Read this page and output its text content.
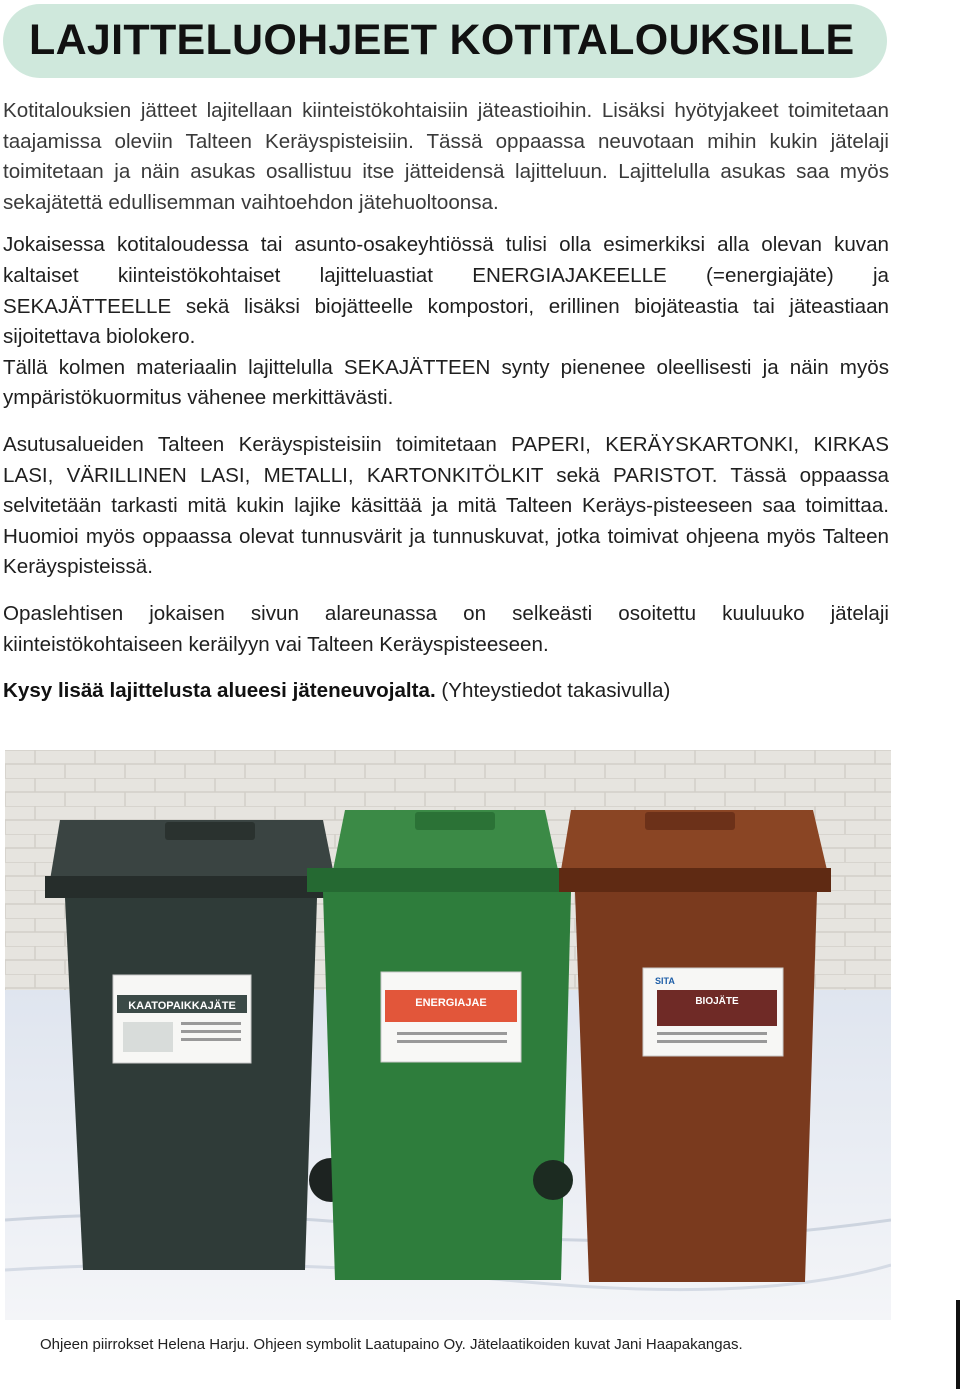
LAJITTELUOHJEET KOTITALOUKSILLE

Kotitalouksien jätteet lajitellaan kiinteistökohtaisiin jäteastioihin. Lisäksi hyötyjakeet toimitetaan taajamissa oleviin Talteen Keräyspisteisiin. Tässä oppaassa neuvotaan mihin kukin jätelaji toimitetaan ja näin asukas osallistuu itse jätteidensä lajitteluun. Lajittelulla asukas saa myös sekajätettä edullisemman vaihtoehdon jätehuoltoonsa.

Jokaisessa kotitaloudessa tai asunto-osakeyhtiössä tulisi olla esimerkiksi alla olevan kuvan kaltaiset kiinteistökohtaiset lajitteluastiat ENERGIAJAKEELLE (=energiajäte) ja SEKAJÄTTEELLE sekä lisäksi biojätteelle kompostori, erillinen biojäteastia tai jäteastiaan sijoitettava biolokero.

Tällä kolmen materiaalin lajittelulla SEKAJÄTTEEN synty pienenee oleellisesti ja näin myös ympäristökuormitus vähenee merkittävästi.

Asutusalueiden Talteen Keräyspisteisiin toimitetaan PAPERI, KERÄYSKARTONKI, KIRKAS LASI, VÄRILLINEN LASI, METALLI, KARTONKITÖLKIT sekä PARISTOT. Tässä oppaassa selvitetään tarkasti mitä kukin lajike käsittää ja mitä Talteen Keräys-pisteeseen saa toimittaa. Huomioi myös oppaassa olevat tunnusvärit ja tunnuskuvat, jotka toimivat ohjeena myös Talteen Keräyspisteissä.

Opaslehtisen jokaisen sivun alareunassa on selkeästi osoitettu kuuluuko jätelaji kiinteistökohtaiseen keräilyyn vai Talteen Keräyspisteeseen.

Kysy lisää lajittelusta alueesi jäteneuvojalta. (Yhteystiedot takasivulla)

KAATOPAIKKAJÄTE	ENERGIAJAE
SITA
BIOJÄTE
Ohjeen piirrokset Helena Harju. Ohjeen symbolit Laatupaino Oy. Jätelaatikoiden kuvat Jani Haapakangas.
